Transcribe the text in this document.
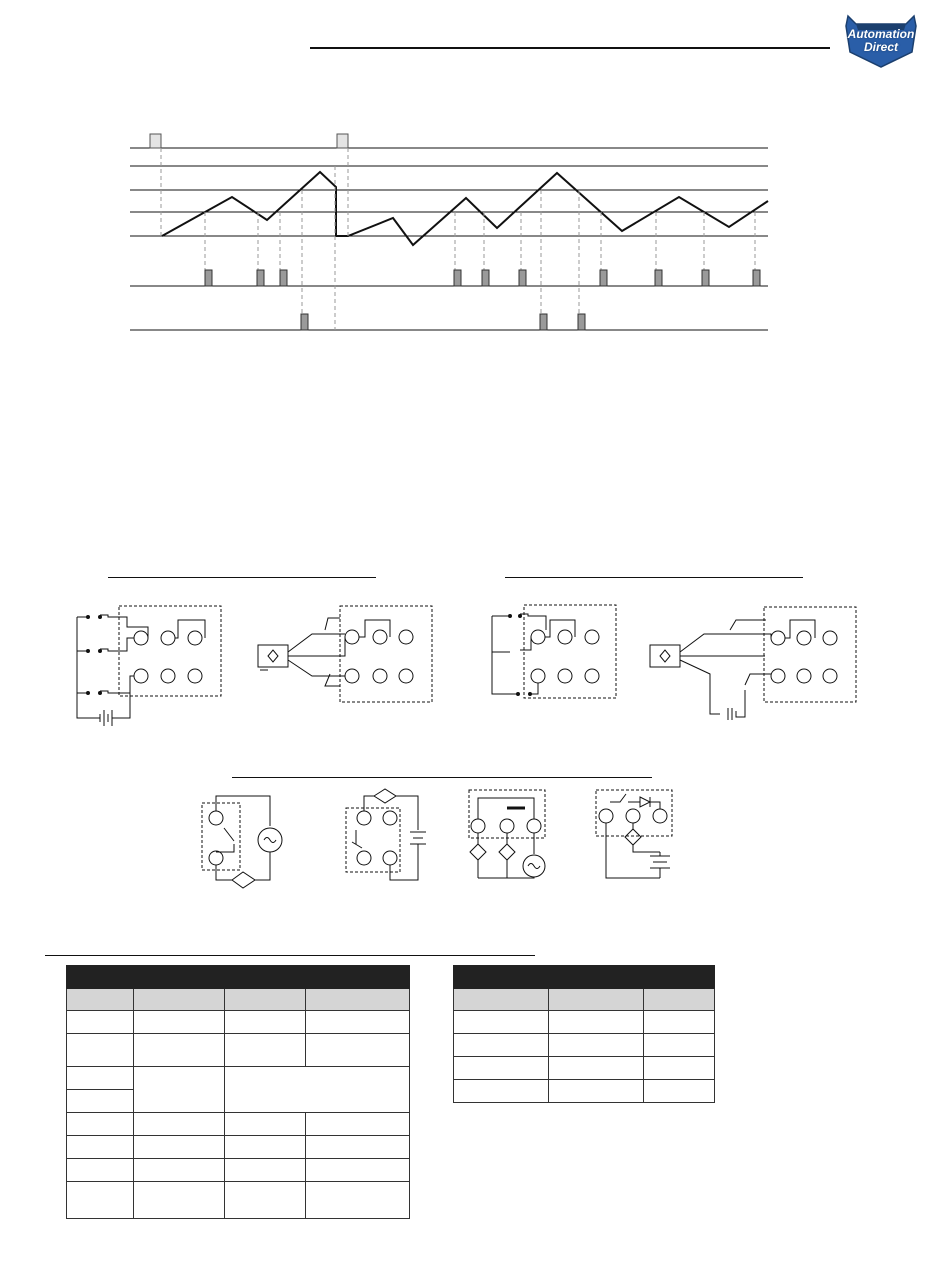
Automation
Direct
